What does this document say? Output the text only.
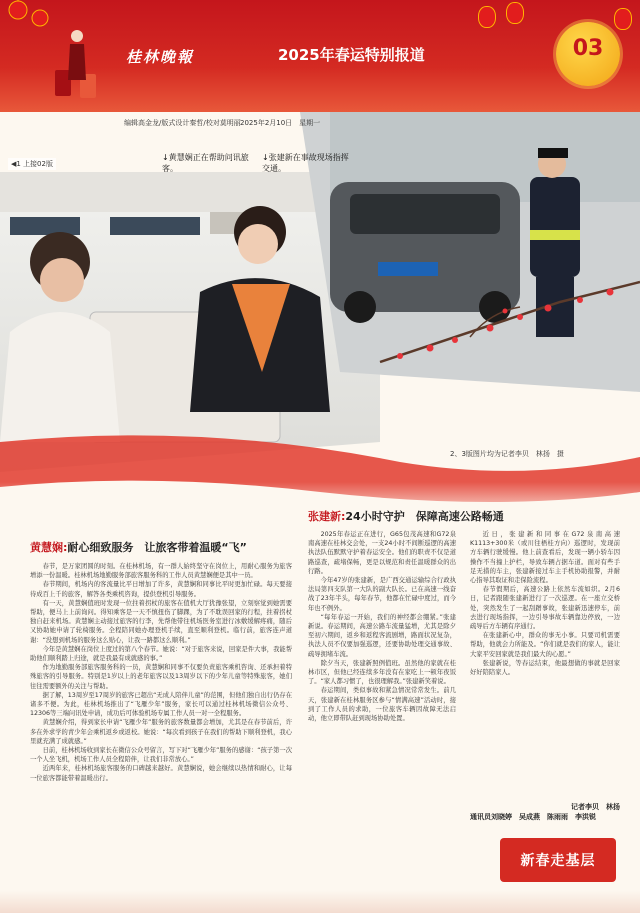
桂林晚報	2025年春运特别报道	03
编辑高金龙/版式设计秦哲/校对莫明丽 2025年2月10日　星期一
◀1 上接02版
↓黄慧娴正在帮助问讯旅客。
↓张建新在事故现场指挥交通。
2、3版图片均为记者李贝　林扬　摄
张建新:24小时守护　保障高速公路畅通

2025年春运正在进行，G65包茂高速和G72泉南高速在桂林交会处，一支24小时不间断巡逻的高速执法队伍默默守护着春运安全。他们的职责不仅是道路巡查，疏堵保畅，更是以规范和责任温暖群众的出行路。

今年47岁的张建新，是广西交通运输综合行政执法局第四支队第一大队的副大队长。已在高速一线奋战了23年半头，每年春节，他都在忙碌中度过，而今年也不例外。

“每年春运一开始，我们的神经都会绷紧。”张建新说。春运期间，高速公路车流量猛增，尤其是除夕至初六期间，返乡和返程客流剧增，路面状况复杂，执法人员不仅要加强巡逻，还要协助处理交通事故、疏导拥堵车流。

除夕当天，张建新照例值班。虽然他的家就在桂林市区，但他已经连续多年没有在家吃上一顿年夜饭了。“家人都习惯了，也很理解我。”张建新笑着说。

春运期间，类似事故和紧急情况常常发生。前几天，张建新在桂林服务区参与“情满高速”活动时，接到了工作人员的求助，一位旅客车辆因故障无法启动，他立即带队赶到现场协助处置。

近日，张建新和同事在G72泉南高速K1113+300米（或川往梧桂方向）巡逻时，发现前方车辆行驶缓慢。他上前查看后，发现一辆小轿车因操作不当撞上护栏，导致车辆占据车道。面对有些手足无措的车主，张建新接过车主手机协助报警，并耐心指导其取证和走保险流程。

春节假期后，高速公路上依然车流如织。2月6日，记者跟随张建新进行了一次巡逻。在一座立交桥处，突然发生了一起刮蹭事故，张建新迅速停车，前去进行现场指挥，一边引导事故车辆靠边停放，一边疏导后方车辆有序通行。

在张建新心中，群众的事无小事。只要司机需要帮助，他就会力所能及。“你们就是我们的家人，能让大家平安回家就是我们最大的心愿。”

张建新说，等春运结束，他最想做的事就是回家好好陪陪家人。

记者李贝　林扬
通讯员刘晓婷　吴成燕　陈雨雨　李洪锐
黄慧娴:耐心细致服务　让旅客带着温暖“飞”

春节，是万家团圆的时刻。在桂林机场，有一群人始终坚守在岗位上，用耐心服务为旅客增添一份温暖。桂林机场地勤服务部旅客服务科的工作人员黄慧娴便是其中一员。

春节期间，机场内的客流量比平日增加了许多，黄慧娴和同事比平时更加忙碌。每天要接待成百上千的旅客，解答各类乘机咨询，提供登机引导服务。

有一天，黄慧娴值班时发现一位拄着拐杖的旅客在值机大厅犹豫张望，立刻察觉到她需要帮助，便马上上前询问。得知乘客是一天不慎扭伤了脚踝，为了不耽误回家的行程，拄着拐杖独自赶来机场。黄慧娴主动接过旅客的行李，先帮他带往机场医务室进行冰敷缓解疼痛，随后又协助她申请了轮椅服务。全程陪同她办理登机手续，直至顺利登机。临行前，旅客连声道谢：“没想到机场的服务这么贴心，让我一路都这么顺利。”

今年是黄慧娴在岗位上度过的第八个春节。她说：“对于旅客来说，回家是件大事，我能帮助他们顺利踏上归途，就是我最有成就感的事。”

作为地勤服务部旅客服务科的一员，黄慧娴和同事不仅要负责旅客乘机咨询、还承担着特殊旅客的引导服务。特别是1岁以上的老年旅客以及13周岁以下的少年儿童等特殊旅客，她们往往需要额外的关注与帮助。

据了解，13周岁至17周岁的旅客已超出“无成人陪伴儿童”的范围，但他们独自出行仍存在诸多不便。为此，桂林机场推出了“飞雁少年”服务，家长可以通过桂林机场微信公众号、12306等三端问讯处申请，成功后可体验机场专属工作人员一对一全程服务。

黄慧娴介绍，得到家长申请“飞雁少年”服务的旅客数量都会增加，尤其是在春节前后，许多在外求学的青少年会乘机返乡或返校。她说：“每次看到孩子在我们的帮助下顺利登机，我心里就充满了成就感。”

日前，桂林机场收到家长在微信公众号留言，写下对“飞雁少年”服务的感谢：“孩子第一次一个人坐飞机，机场工作人员全程陪伴，让我们非常放心。”

近两年来，桂林机场旅客服务的口碑越来越好。黄慧娴说，她会继续以热情和耐心，让每一位旅客都能带着温暖出行。

新春走基层
